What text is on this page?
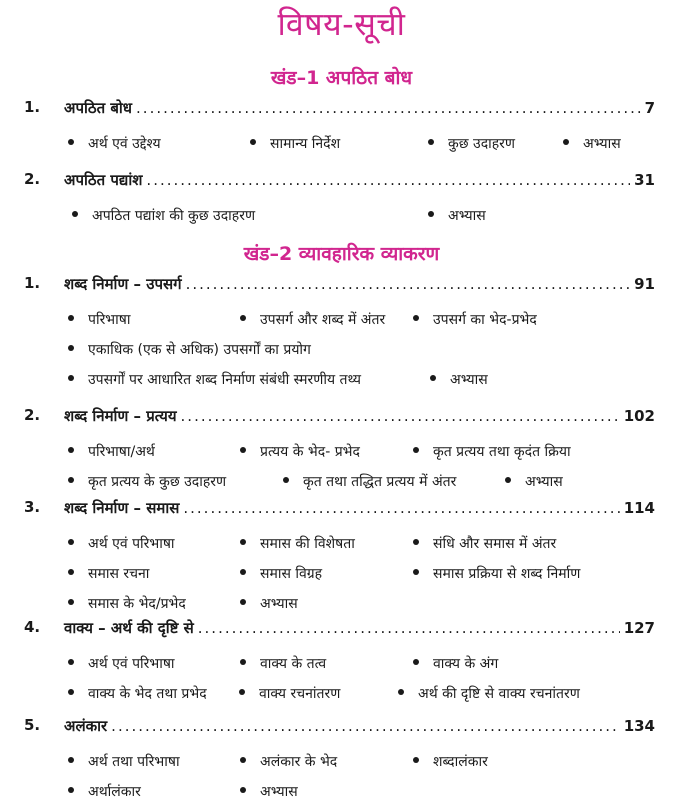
विषय-सूची
खंड–1 अपठित बोध
1. अपठित बोध .....	7
अर्थ एवं उद्देश्य	सामान्य निर्देश	कुछ उदाहरण	अभ्यास
2. अपठित पद्यांश .....	31
अपठित पद्यांश की कुछ उदाहरण	अभ्यास
खंड–2 व्यावहारिक व्याकरण
1. शब्द निर्माण – उपसर्ग .....	91
परिभाषा	उपसर्ग और शब्द में अंतर	उपसर्ग का भेद-प्रभेद
एकाधिक (एक से अधिक) उपसर्गों का प्रयोग
उपसर्गों पर आधारित शब्द निर्माण संबंधी स्मरणीय तथ्य	अभ्यास
2. शब्द निर्माण – प्रत्यय .....	102
परिभाषा/अर्थ	प्रत्यय के भेद- प्रभेद	कृत प्रत्यय तथा कृदंत क्रिया
कृत प्रत्यय के कुछ उदाहरण	कृत तथा तद्धित प्रत्यय में अंतर	अभ्यास
3. शब्द निर्माण – समास .....	114
अर्थ एवं परिभाषा	समास की विशेषता	संधि और समास में अंतर
समास रचना	समास विग्रह	समास प्रक्रिया से शब्द निर्माण
समास के भेद/प्रभेद	अभ्यास
4. वाक्य – अर्थ की दृष्टि से .....	127
अर्थ एवं परिभाषा	वाक्य के तत्व	वाक्य के अंग
वाक्य के भेद तथा प्रभेद	वाक्य रचनांतरण	अर्थ की दृष्टि से वाक्य रचनांतरण
5. अलंकार .....	134
अर्थ तथा परिभाषा	अलंकार के भेद	शब्दालंकार
अर्थालंकार	अभ्यास
